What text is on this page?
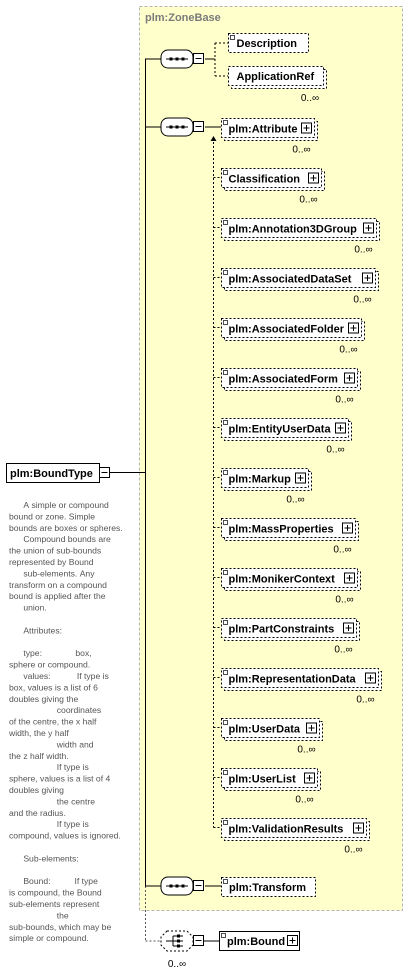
plm:ZoneBase
plm:BoundType
A simple or compound bound or zone. Simple bounds are boxes or spheres.      Compound bounds are the union of sub-bounds represented by Bound      sub-elements. Any transform on a compound bound is applied after the      union.      Attributes:      type:              box, sphere or compound.      values:           If type is box, values is a list of 6 doubles giving the                    coordinates of the centre, the x half width, the y half                    width and the z half width.                    If type is sphere, values is a list of 4 doubles giving                    the centre and the radius.                    If type is compound, values is ignored.      Sub-elements:      Bound:          If type is compound, the Bound sub-elements represent                    the sub-bounds, which may be simple or compound.
Description
ApplicationRef
0..∞
plm:Attribute
0..∞
Classification
0..∞
plm:Annotation3DGroup
0..∞
plm:AssociatedDataSet
0..∞
plm:AssociatedFolder
0..∞
plm:AssociatedForm
0..∞
plm:EntityUserData
0..∞
plm:Markup
0..∞
plm:MassProperties
0..∞
plm:MonikerContext
0..∞
plm:PartConstraints
0..∞
plm:RepresentationData
0..∞
plm:UserData
0..∞
plm:UserList
0..∞
plm:ValidationResults
0..∞
plm:Transform
0..∞
plm:Bound
